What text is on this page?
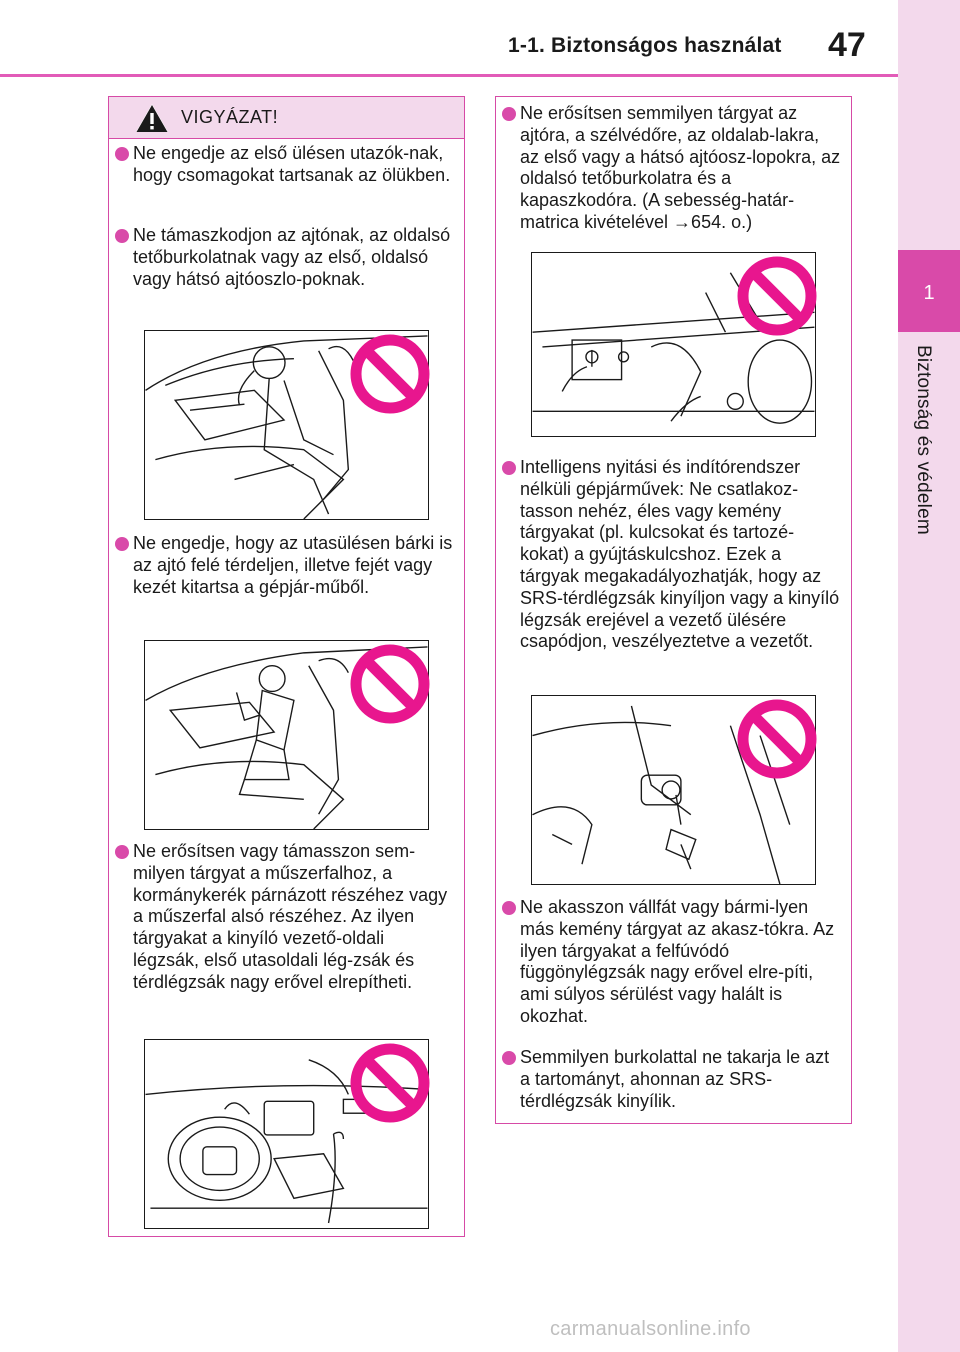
1-1. Biztonságos használat 47
1
Biztonság és védelem
VIGYÁZAT!
Ne engedje az első ülésen utazók-nak, hogy csomagokat tartsanak az ölükben.
Ne támaszkodjon az ajtónak, az oldalsó tetőburkolatnak vagy az első, oldalsó vagy hátsó ajtóoszlo-poknak.
Ne engedje, hogy az utasülésen bárki is az ajtó felé térdeljen, illetve fejét vagy kezét kitartsa a gépjár-műből.
Ne erősítsen vagy támasszon sem-milyen tárgyat a műszerfalhoz, a kormánykerék párnázott részéhez vagy a műszerfal alsó részéhez. Az ilyen tárgyakat a kinyíló vezető-oldali légzsák, első utasoldali lég-zsák és térdlégzsák nagy erővel elrepítheti.
Ne erősítsen semmilyen tárgyat az ajtóra, a szélvédőre, az oldalab-lakra, az első vagy a hátsó ajtóosz-lopokra, az oldalsó tetőburkolatra és a kapaszkodóra. (A sebesség-határ-matrica kivételével →654. o.)
Intelligens nyitási és indítórendszer nélküli gépjárművek: Ne csatlakoz-tasson nehéz, éles vagy kemény tárgyakat (pl. kulcsokat és tartozé-kokat) a gyújtáskulcshoz. Ezek a tárgyak megakadályozhatják, hogy az SRS-térdlégzsák kinyíljon vagy a kinyíló légzsák erejével a vezető ülésére csapódjon, veszélyeztetve a vezetőt.
Ne akasszon vállfát vagy bármi-lyen más kemény tárgyat az akasz-tókra. Az ilyen tárgyakat a felfúvódó függönylégzsák nagy erővel elre-píti, ami súlyos sérülést vagy halált is okozhat.
Semmilyen burkolattal ne takarja le azt a tartományt, ahonnan az SRS-térdlégzsák kinyílik.
carmanualsonline.info
